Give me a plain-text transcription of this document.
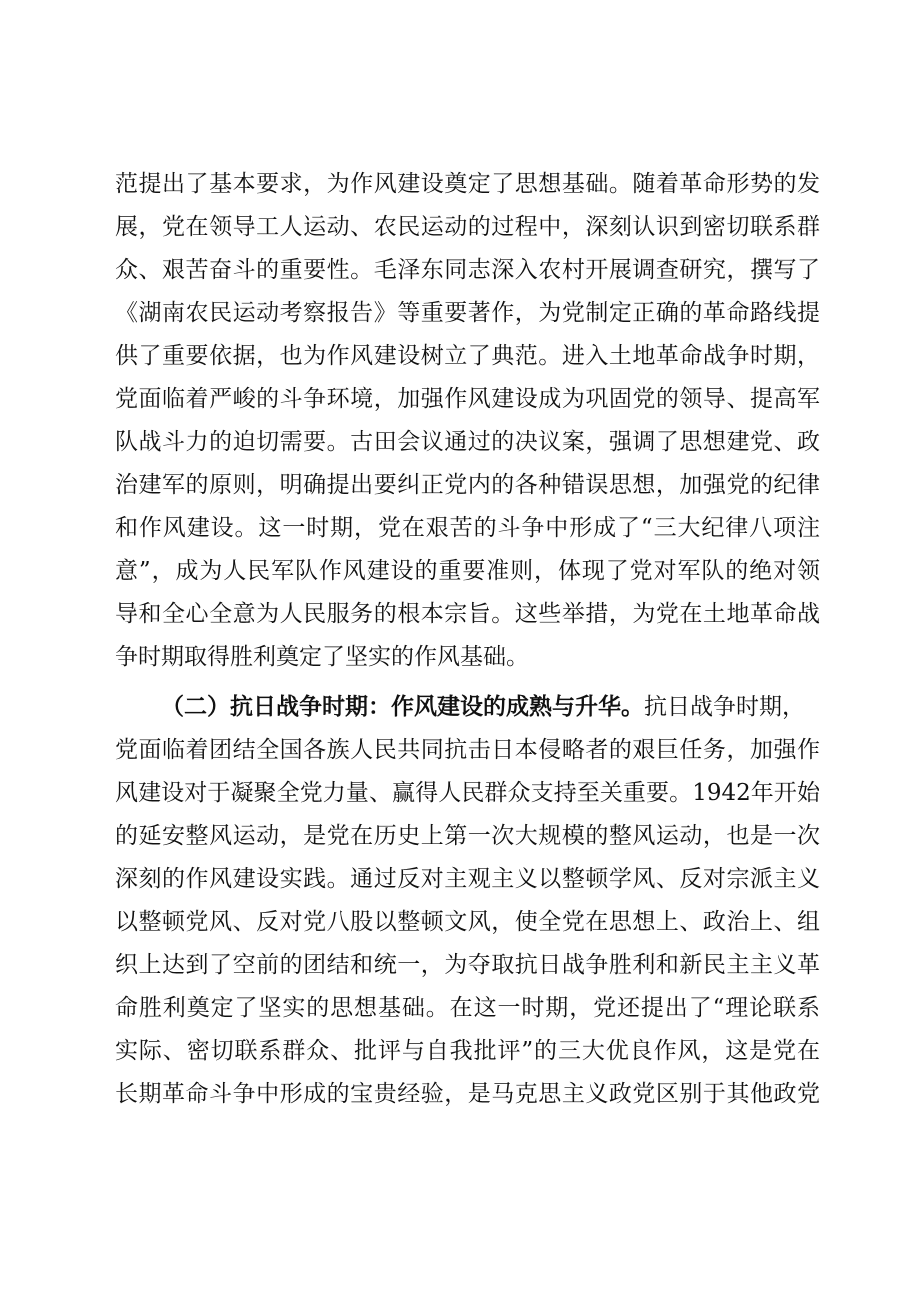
范提出了基本要求，为作风建设奠定了思想基础。随着革命形势的发
展，党在领导工人运动、农民运动的过程中，深刻认识到密切联系群
众、艰苦奋斗的重要性。毛泽东同志深入农村开展调查研究，撰写了
《湖南农民运动考察报告》等重要著作，为党制定正确的革命路线提
供了重要依据，也为作风建设树立了典范。进入土地革命战争时期，
党面临着严峻的斗争环境，加强作风建设成为巩固党的领导、提高军
队战斗力的迫切需要。古田会议通过的决议案，强调了思想建党、政
治建军的原则，明确提出要纠正党内的各种错误思想，加强党的纪律
和作风建设。这一时期，党在艰苦的斗争中形成了“三大纪律八项注
意”，成为人民军队作风建设的重要准则，体现了党对军队的绝对领
导和全心全意为人民服务的根本宗旨。这些举措，为党在土地革命战
争时期取得胜利奠定了坚实的作风基础。
（二）抗日战争时期：作风建设的成熟与升华。抗日战争时期，
党面临着团结全国各族人民共同抗击日本侵略者的艰巨任务，加强作
风建设对于凝聚全党力量、赢得人民群众支持至关重要。1942年开始
的延安整风运动，是党在历史上第一次大规模的整风运动，也是一次
深刻的作风建设实践。通过反对主观主义以整顿学风、反对宗派主义
以整顿党风、反对党八股以整顿文风，使全党在思想上、政治上、组
织上达到了空前的团结和统一，为夺取抗日战争胜利和新民主主义革
命胜利奠定了坚实的思想基础。在这一时期，党还提出了“理论联系
实际、密切联系群众、批评与自我批评”的三大优良作风，这是党在
长期革命斗争中形成的宝贵经验，是马克思主义政党区别于其他政党
